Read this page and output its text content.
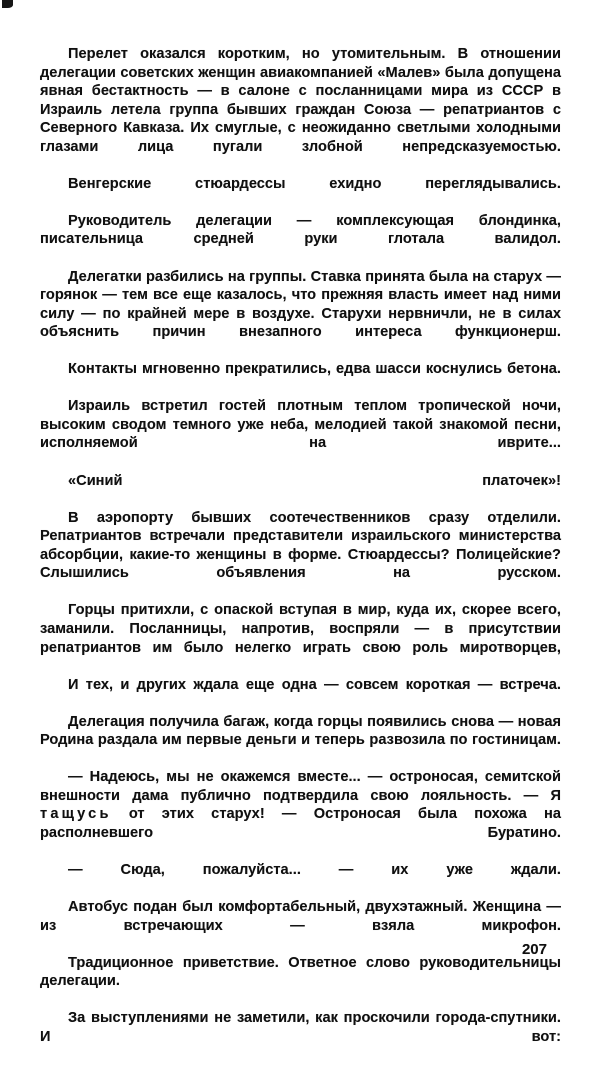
Перелет оказался коротким, но утомительным. В отношении делегации советских женщин авиакомпанией «Малев» была допущена явная бестактность — в салоне с посланницами мира из СССР в Израиль летела группа бывших граждан Союза — репатриантов с Северного Кавказа. Их смуглые, с неожиданно светлыми холодными глазами лица пугали злобной непредсказуемостью.

Венгерские стюардессы ехидно переглядывались.

Руководитель делегации — комплексующая блондинка, писательница средней руки глотала валидол.

Делегатки разбились на группы. Ставка принята была на старух — горянок — тем все еще казалось, что прежняя власть имеет над ними силу — по крайней мере в воздухе. Старухи нервничли, не в силах объяснить причин внезапного интереса функционерш.

Контакты мгновенно прекратились, едва шасси коснулись бетона.

Израиль встретил гостей плотным теплом тропической ночи, высоким сводом темного уже неба, мелодией такой знакомой песни, исполняемой на иврите...

«Синий платочек»!

В аэропорту бывших соотечественников сразу отделили. Репатриантов встречали представители израильского министерства абсорбции, какие-то женщины в форме. Стюардессы? Полицейские? Слышились объявления на русском.

Горцы притихли, с опаской вступая в мир, куда их, скорее всего, заманили. Посланницы, напротив, воспряли — в присутствии репатриантов им было нелегко играть свою роль миротворцев,

И тех, и других ждала еще одна — совсем короткая — встреча.

Делегация получила багаж, когда горцы появились снова — новая Родина раздала им первые деньги и теперь развозила по гостиницам.

— Надеюсь, мы не окажемся вместе... — остроносая, семитской внешности дама публично подтвердила свою лояльность. — Я тащусь от этих старух! — Остроносая была похожа на располневшего Буратино.

— Сюда, пожалуйста... — их уже ждали.

Автобус подан был комфортабельный, двухэтажный. Женщина — из встречающих — взяла микрофон.

Традиционное приветствие. Ответное слово руководительницы делегации.

За выступлениями не заметили, как проскочили города-спутники. И вот:

207
